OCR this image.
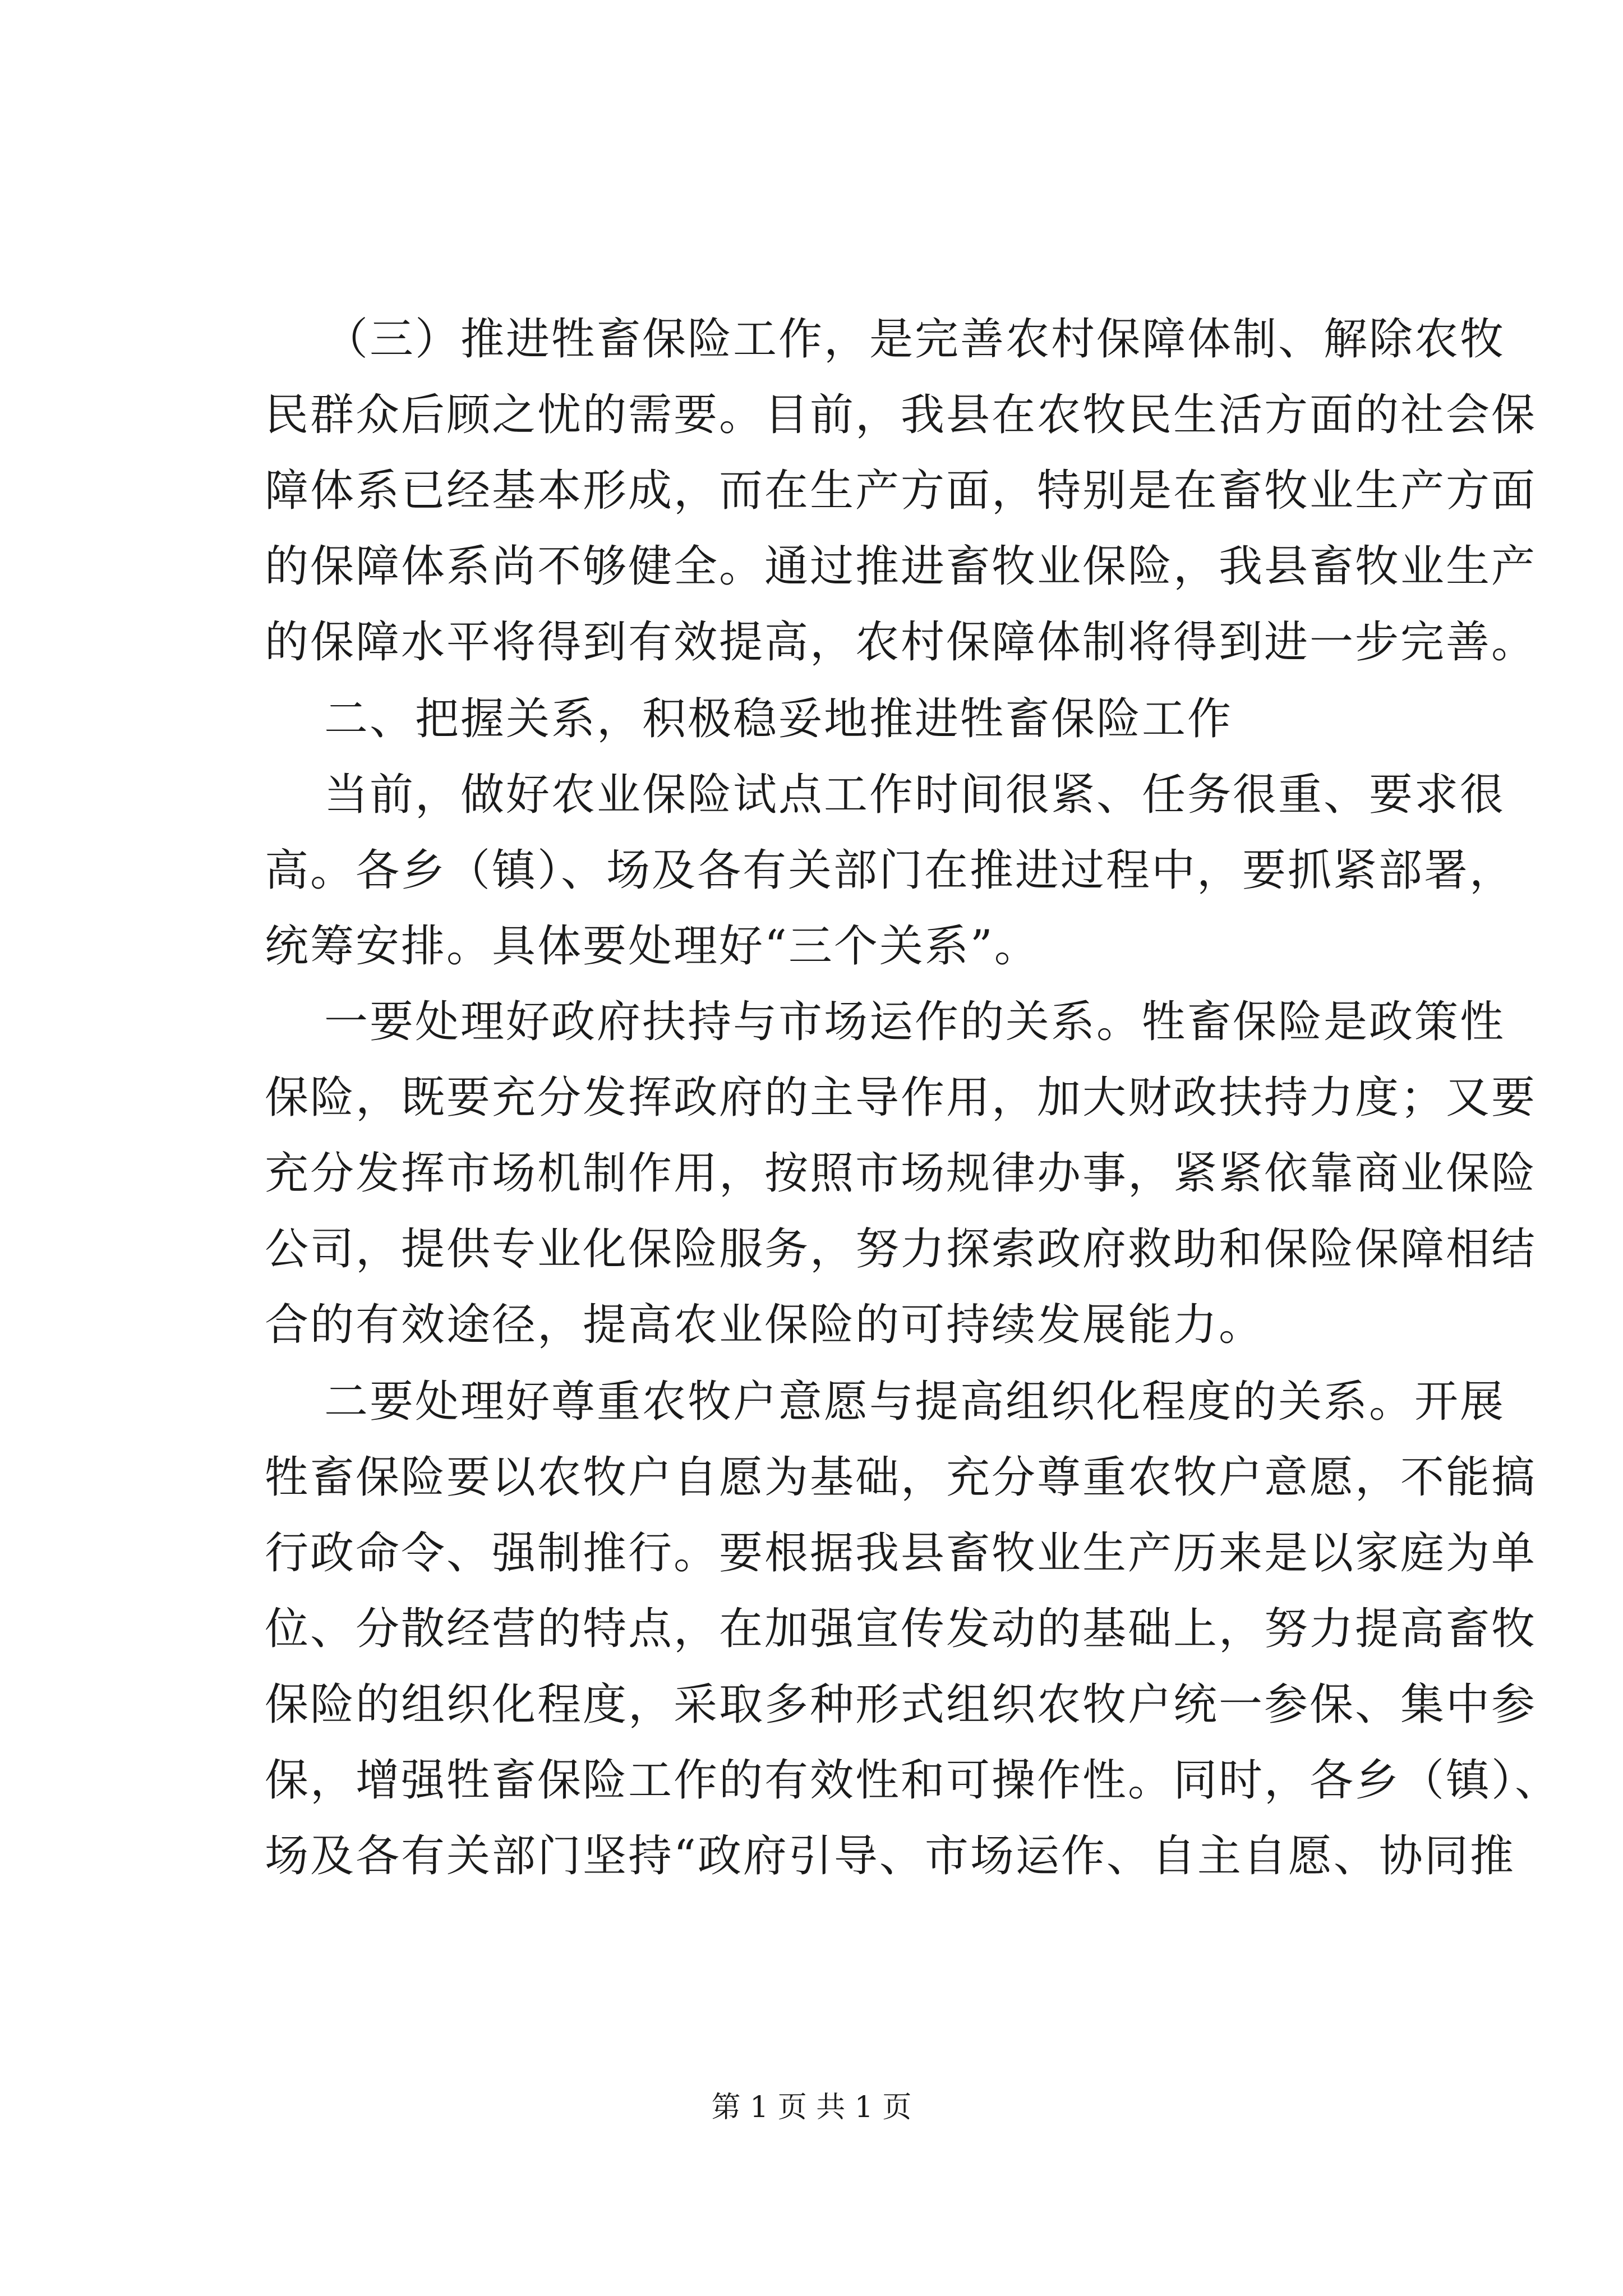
（三）推进牲畜保险工作，是完善农村保障体制、解除农牧
民群众后顾之忧的需要。目前，我县在农牧民生活方面的社会保
障体系已经基本形成，而在生产方面，特别是在畜牧业生产方面
的保障体系尚不够健全。通过推进畜牧业保险，我县畜牧业生产
的保障水平将得到有效提高，农村保障体制将得到进一步完善。
二、把握关系，积极稳妥地推进牲畜保险工作
当前，做好农业保险试点工作时间很紧、任务很重、要求很
高。各乡（镇）、场及各有关部门在推进过程中，要抓紧部署，
统筹安排。具体要处理好“三个关系”。
一要处理好政府扶持与市场运作的关系。牲畜保险是政策性
保险，既要充分发挥政府的主导作用，加大财政扶持力度；又要
充分发挥市场机制作用，按照市场规律办事，紧紧依靠商业保险
公司，提供专业化保险服务，努力探索政府救助和保险保障相结
合的有效途径，提高农业保险的可持续发展能力。
二要处理好尊重农牧户意愿与提高组织化程度的关系。开展
牲畜保险要以农牧户自愿为基础，充分尊重农牧户意愿，不能搞
行政命令、强制推行。要根据我县畜牧业生产历来是以家庭为单
位、分散经营的特点，在加强宣传发动的基础上，努力提高畜牧
保险的组织化程度，采取多种形式组织农牧户统一参保、集中参
保，增强牲畜保险工作的有效性和可操作性。同时，各乡（镇）、
场及各有关部门坚持“政府引导、市场运作、自主自愿、协同推
第 1 页 共 1 页
